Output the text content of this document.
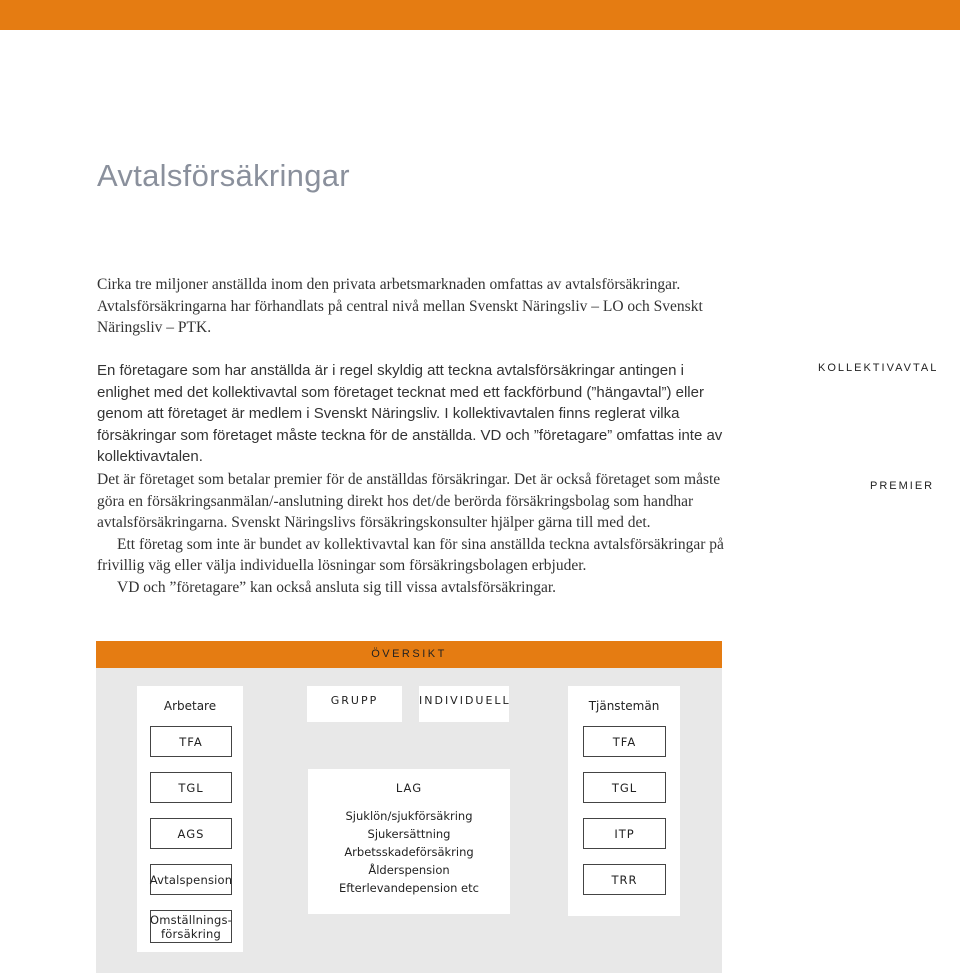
Avtalsförsäkringar
Cirka tre miljoner anställda inom den privata arbetsmarknaden omfattas av avtalsförsäkringar. Avtalsförsäkringarna har förhandlats på central nivå mellan Svenskt Näringsliv – LO och Svenskt Näringsliv – PTK.
En företagare som har anställda är i regel skyldig att teckna avtalsförsäkringar antingen i enlighet med det kollektivavtal som företaget tecknat med ett fackförbund (”hängavtal”) eller genom att företaget är medlem i Svenskt Näringsliv. I kollektivavtalen finns reglerat vilka försäkringar som företaget måste teckna för de anställda. VD och ”företagare” omfattas inte av kollektivavtalen.
KOLLEKTIVAVTAL

Det är företaget som betalar premier för de anställdas försäkringar. Det är också företaget som måste göra en försäkringsanmälan/-anslutning direkt hos det/de berörda försäkringsbolag som handhar avtalsförsäkringarna. Svenskt Näringslivs försäkringskonsulter hjälper gärna till med det.

Ett företag som inte är bundet av kollektivavtal kan för sina anställda teckna avtalsförsäkringar på frivillig väg eller välja individuella lösningar som försäkringsbolagen erbjuder.

VD och ”företagare” kan också ansluta sig till vissa avtalsförsäkringar.

PREMIER
ÖVERSIKT
Arbetare
TFA
TGL
AGS
Avtalspension
Omställnings-
försäkring
GRUPP	INDIVIDUELL
LAG
Sjuklön/sjukförsäkring
Sjukersättning
Arbetsskadeförsäkring
Ålderspension
Efterlevandepension etc
Tjänstemän
TFA
TGL
ITP
TRR
